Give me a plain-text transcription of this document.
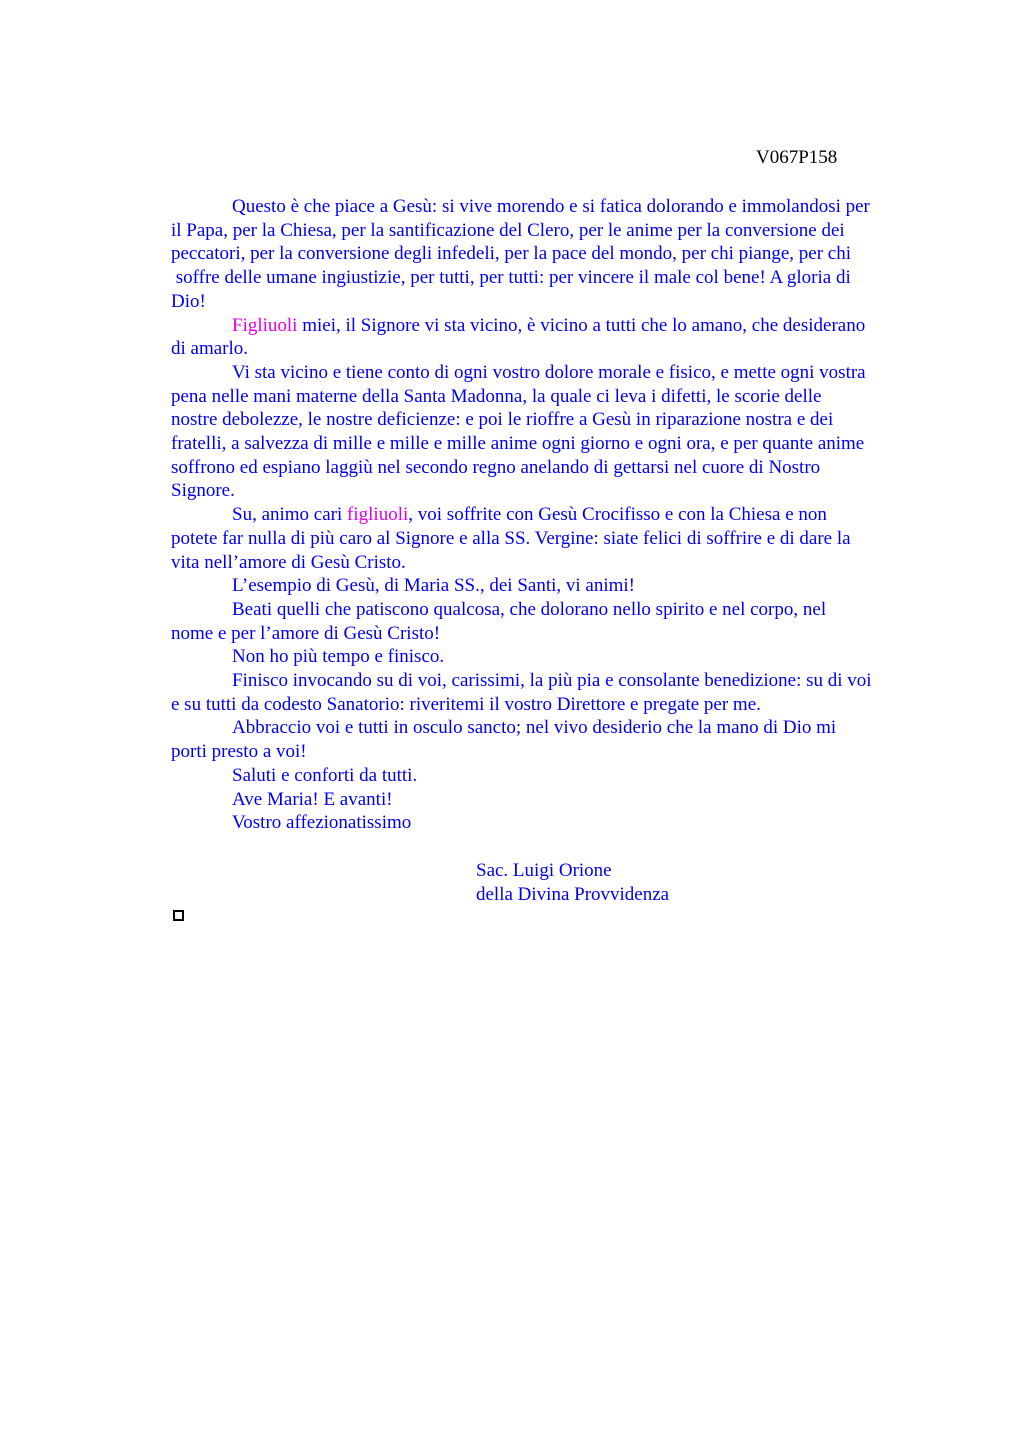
V067P158
Questo è che piace a Gesù: si vive morendo e si fatica dolorando e immolandosi per
il Papa, per la Chiesa, per la santificazione del Clero, per le anime per la conversione dei
peccatori, per la conversione degli infedeli, per la pace del mondo, per chi piange, per chi
soffre delle umane ingiustizie, per tutti, per tutti: per vincere il male col bene! A gloria di
Dio!
Figliuoli miei, il Signore vi sta vicino, è vicino a tutti che lo amano, che desiderano
di amarlo.
Vi sta vicino e tiene conto di ogni vostro dolore morale e fisico, e mette ogni vostra
pena nelle mani materne della Santa Madonna, la quale ci leva i difetti, le scorie delle
nostre debolezze, le nostre deficienze: e poi le rioffre a Gesù in riparazione nostra e dei
fratelli, a salvezza di mille e mille e mille anime ogni giorno e ogni ora, e per quante anime
soffrono ed espiano laggiù nel secondo regno anelando di gettarsi nel cuore di Nostro
Signore.
Su, animo cari figliuoli, voi soffrite con Gesù Crocifisso e con la Chiesa e non
potete far nulla di più caro al Signore e alla SS. Vergine: siate felici di soffrire e di dare la
vita nell’amore di Gesù Cristo.
L’esempio di Gesù, di Maria SS., dei Santi, vi animi!
Beati quelli che patiscono qualcosa, che dolorano nello spirito e nel corpo, nel
nome e per l’amore di Gesù Cristo!
Non ho più tempo e finisco.
Finisco invocando su di voi, carissimi, la più pia e consolante benedizione: su di voi
e su tutti da codesto Sanatorio: riveritemi il vostro Direttore e pregate per me.
Abbraccio voi e tutti in osculo sancto; nel vivo desiderio che la mano di Dio mi
porti presto a voi!
Saluti e conforti da tutti.
Ave Maria! E avanti!
Vostro affezionatissimo
Sac. Luigi Orione
della Divina Provvidenza
